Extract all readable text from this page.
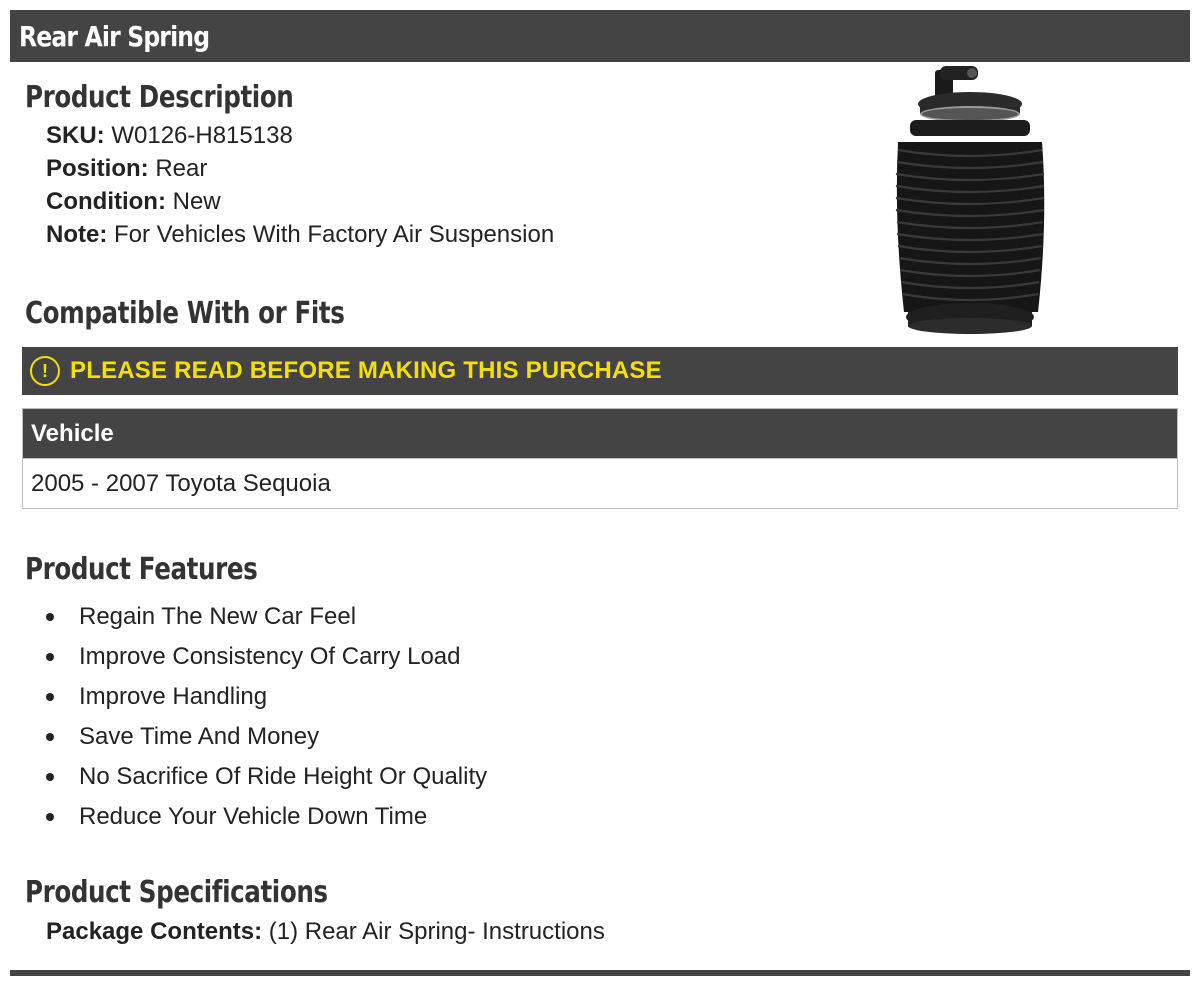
Rear Air Spring
Product Description
SKU: W0126-H815138
Position: Rear
Condition: New
Note: For Vehicles With Factory Air Suspension
Compatible With or Fits
! PLEASE READ BEFORE MAKING THIS PURCHASE
Vehicle
2005 - 2007 Toyota Sequoia
Product Features
Regain The New Car Feel
Improve Consistency Of Carry Load
Improve Handling
Save Time And Money
No Sacrifice Of Ride Height Or Quality
Reduce Your Vehicle Down Time
Product Specifications
Package Contents: (1) Rear Air Spring- Instructions
